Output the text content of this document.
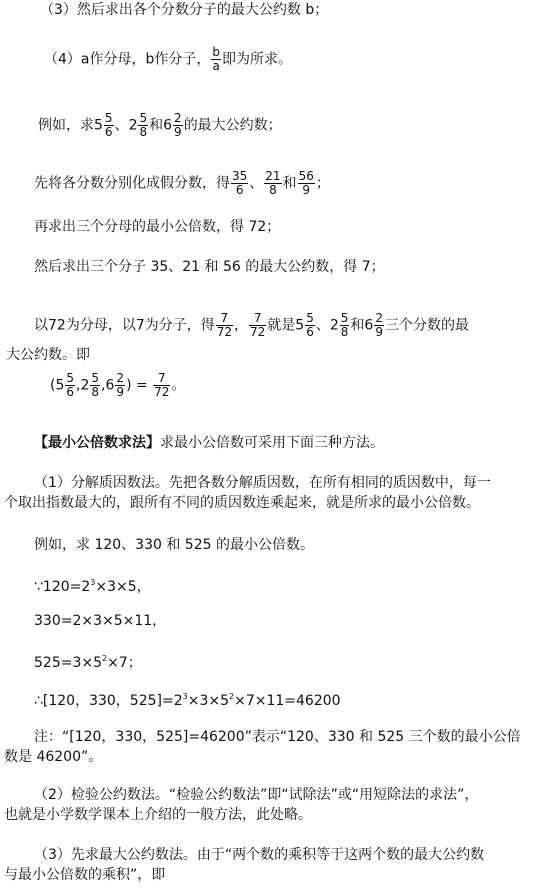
（3）然后求出各个分数分子的最大公约数 b；
（4）a作分母，b作分子， $\frac{b}{a}$ 即为所求。
例如，求$5 \frac{5}{6}$ 、$2 \frac{5}{8}$ 和$6 \frac{2}{9}$ 的最大公约数；
先将各分数分别化成假分数，得 $\frac{35}{6}$ 、 $\frac{21}{8}$ 和 $\frac{56}{9}$ ；
再求出三个分母的最小公倍数，得 72；
然后求出三个分子 35、21 和 56 的最大公约数，得 7；
以72为分母，以7为分子，得 $\frac{7}{72}$ ， $\frac{7}{72}$ 就是$5 \frac{5}{6}$ 、$2 \frac{5}{8}$ 和$6 \frac{2}{9}$ 三个分数的最
大公约数。即
($5 \frac{5}{6} ,2 \frac{5}{8} ,6 \frac{2}{9}$ ) = $\frac{7}{72}$ 。
【最小公倍数求法】求最小公倍数可采用下面三种方法。
（1）分解质因数法。先把各数分解质因数，在所有相同的质因数中，每一
个取出指数最大的，跟所有不同的质因数连乘起来，就是所求的最小公倍数。
例如，求 120、330 和 525 的最小公倍数。
$\because 120=2^3\times 3\times 5$，
330=2×3×5×11，
$525=3\times 5^2\times 7$；
∴[120，330，$525]=2^3\times 3\times 5^2\times 7\times 11=46200$
注：“[120，330，525]=46200”表示“120、330 和 525 三个数的最小公倍
数是 46200”。
（2）检验公约数法。“检验公约数法”即“试除法”或“用短除法的求法”，
也就是小学数学课本上介绍的一般方法，此处略。
（3）先求最大公约数法。由于“两个数的乘积等于这两个数的最大公约数
与最小公倍数的乘积”，即
